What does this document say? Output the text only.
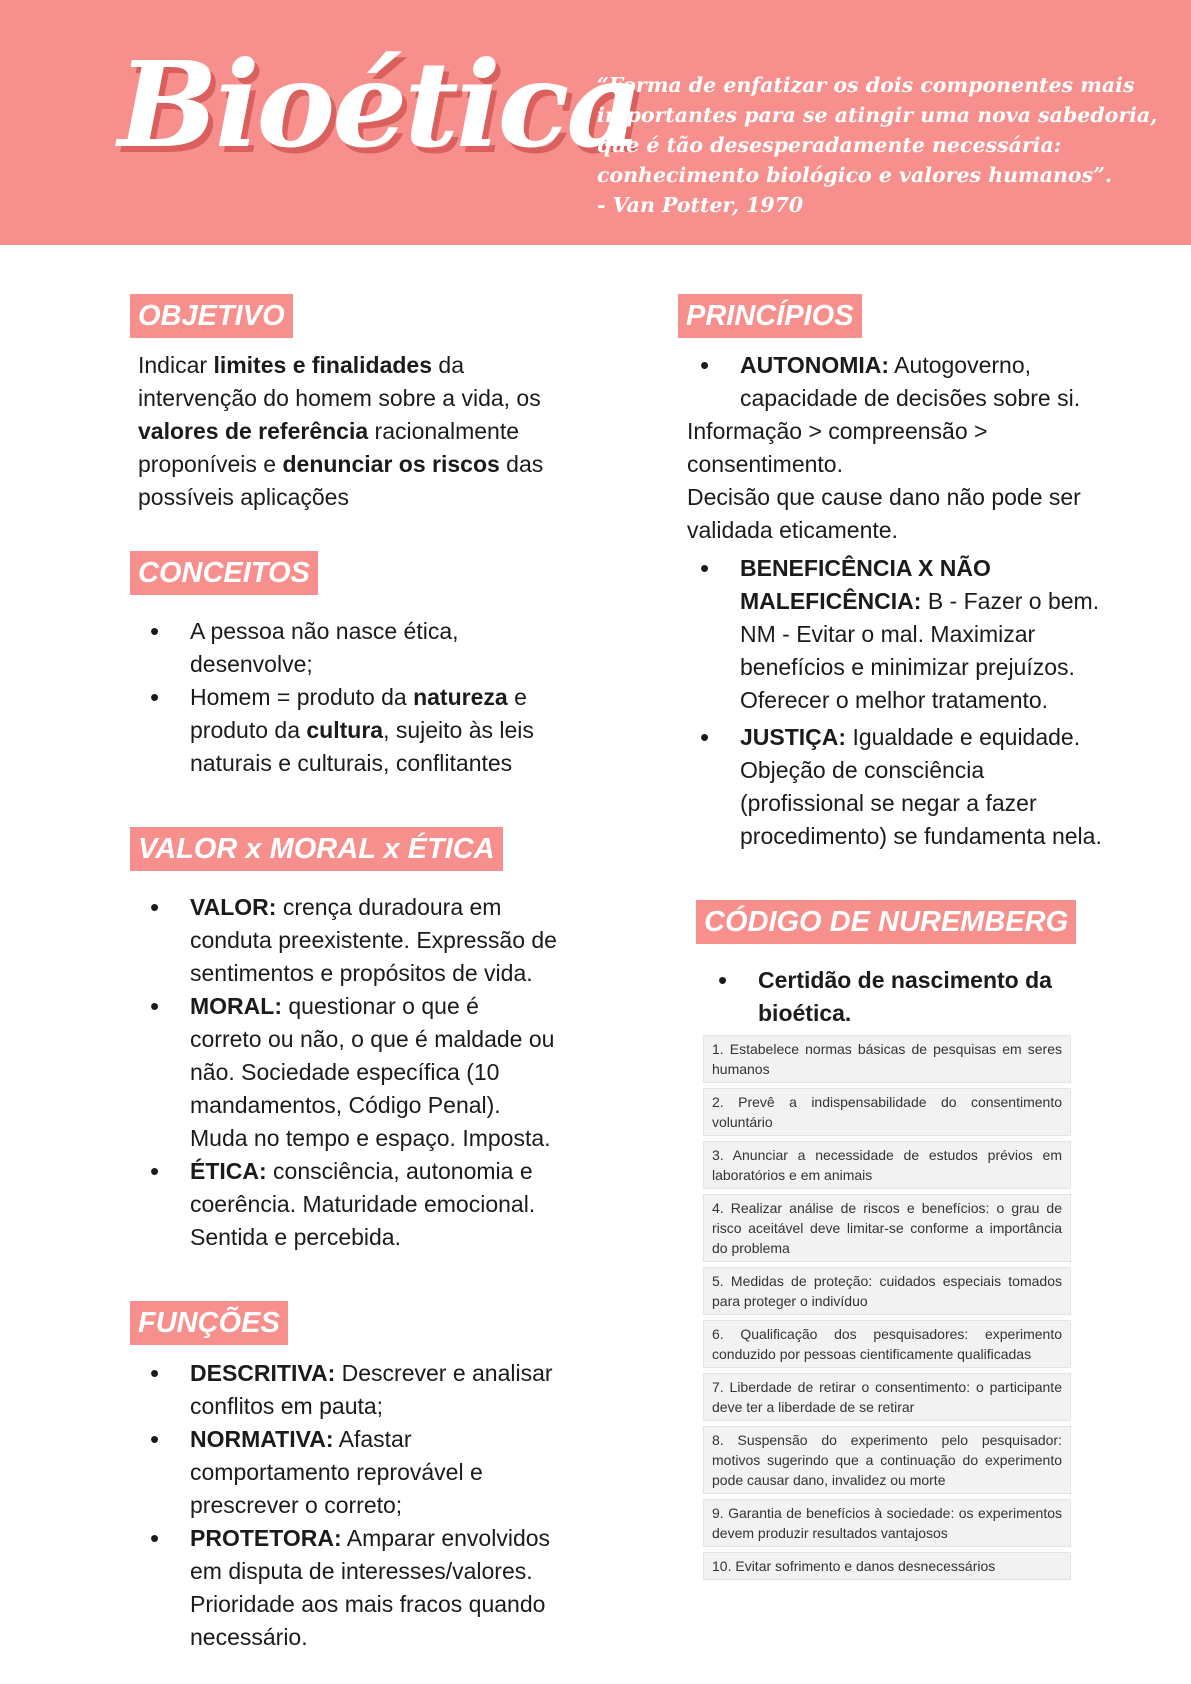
Bioética
“Forma de enfatizar os dois componentes mais
importantes para se atingir uma nova sabedoria,
que é tão desesperadamente necessária:
conhecimento biológico e valores humanos”.
- Van Potter, 1970
OBJETIVO

Indicar limites e finalidades da

intervenção do homem sobre a vida, os

valores de referência racionalmente

proponíveis e denunciar os riscos das

possíveis aplicações

CONCEITOS
• A pessoa não nasce ética,
desenvolve;
• Homem = produto da natureza e
produto da cultura, sujeito às leis
naturais e culturais, conflitantes
VALOR x MORAL x ÉTICA
• VALOR: crença duradoura em
conduta preexistente. Expressão de
sentimentos e propósitos de vida.
• MORAL: questionar o que é
correto ou não, o que é maldade ou
não. Sociedade específica (10
mandamentos, Código Penal).
Muda no tempo e espaço. Imposta.
• ÉTICA: consciência, autonomia e
coerência. Maturidade emocional.
Sentida e percebida.
FUNÇÕES
• DESCRITIVA: Descrever e analisar
conflitos em pauta;
• NORMATIVA: Afastar
comportamento reprovável e
prescrever o correto;
• PROTETORA: Amparar envolvidos
em disputa de interesses/valores.
Prioridade aos mais fracos quando
necessário.
PRINCÍPIOS
• AUTONOMIA: Autogoverno,
capacidade de decisões sobre si.

Informação > compreensão >

consentimento.

Decisão que cause dano não pode ser

validada eticamente.

• BENEFICÊNCIA X NÃO
MALEFICÊNCIA: B - Fazer o bem.
NM - Evitar o mal. Maximizar
benefícios e minimizar prejuízos.
Oferecer o melhor tratamento.
• JUSTIÇA: Igualdade e equidade.
Objeção de consciência
(profissional se negar a fazer
procedimento) se fundamenta nela.
CÓDIGO DE NUREMBERG
• Certidão de nascimento da
bioética.
1. Estabelece normas básicas de pesquisas em seres humanos
2. Prevê a indispensabilidade do consentimento voluntário
3. Anunciar a necessidade de estudos prévios em laboratórios e em animais
4. Realizar análise de riscos e benefícios: o grau de risco aceitável deve limitar-se conforme a importância do problema
5. Medidas de proteção: cuidados especiais tomados para proteger o indivíduo
6. Qualificação dos pesquisadores: experimento conduzido por pessoas cientificamente qualificadas
7. Liberdade de retirar o consentimento: o participante deve ter a liberdade de se retirar
8. Suspensão do experimento pelo pesquisador: motivos sugerindo que a continuação do experimento pode causar dano, invalidez ou morte
9. Garantia de benefícios à sociedade: os experimentos devem produzir resultados vantajosos
10. Evitar sofrimento e danos desnecessários
